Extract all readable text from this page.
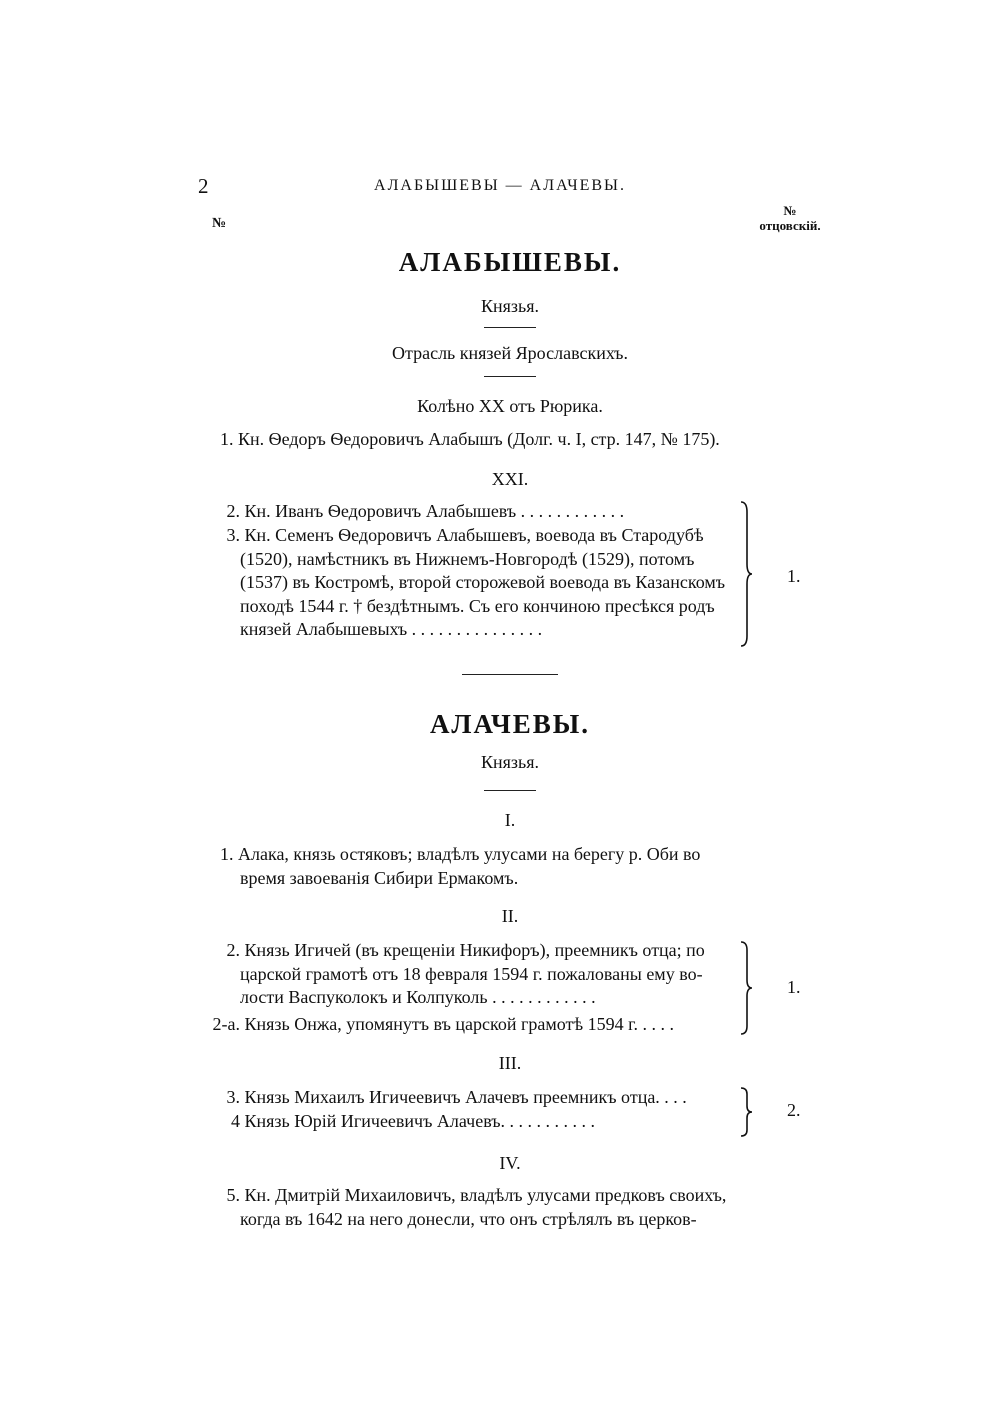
2	АЛАБЫШЕВЫ — АЛАЧЕВЫ.
№
№
отцовскій.
АЛАБЫШЕВЫ.
Князья.
Отрасль князей Ярославскихъ.
Колѣно XX отъ Рюрика.
1. Кн. Ѳедоръ Ѳедоровичъ Алабышъ (Долг. ч. I, стр. 147, № 175).
XXI.
2. Кн. Иванъ Ѳедоровичъ Алабышевъ . . . . . . . . . . . .
3. Кн. Семенъ Ѳедоровичъ Алабышевъ, воевода въ Стародубѣ
(1520), намѣстникъ въ Нижнемъ-Новгородѣ (1529), потомъ
(1537) въ Костромѣ, второй сторожевой воевода въ Казанскомъ
походѣ 1544 г. † бездѣтнымъ. Съ его кончиною пресѣкся родъ
князей Алабышевыхъ . . . . . . . . . . . . . . .
1.
АЛАЧЕВЫ.
Князья.
I.
1. Алака, князь остяковъ; владѣлъ улусами на берегу р. Оби во
время завоеванія Сибири Ермакомъ.
II.
2. Князь Игичей (въ крещеніи Никифоръ), преемникъ отца; по
царской грамотѣ отъ 18 февраля 1594 г. пожалованы ему во-
лости Васпуколокъ и Колпуколь . . . . . . . . . . . .
2-а. Князь Онжа, упомянутъ въ царской грамотѣ 1594 г. . . . .
1.
III.
3. Князь Михаилъ Игичеевичъ Алачевъ преемникъ отца. . . .
4 Князь Юрій Игичеевичъ Алачевъ. . . . . . . . . . .
2.
IV.
5. Кн. Дмитрій Михаиловичъ, владѣлъ улусами предковъ своихъ,
когда въ 1642 на него донесли, что онъ стрѣлялъ въ церков-
